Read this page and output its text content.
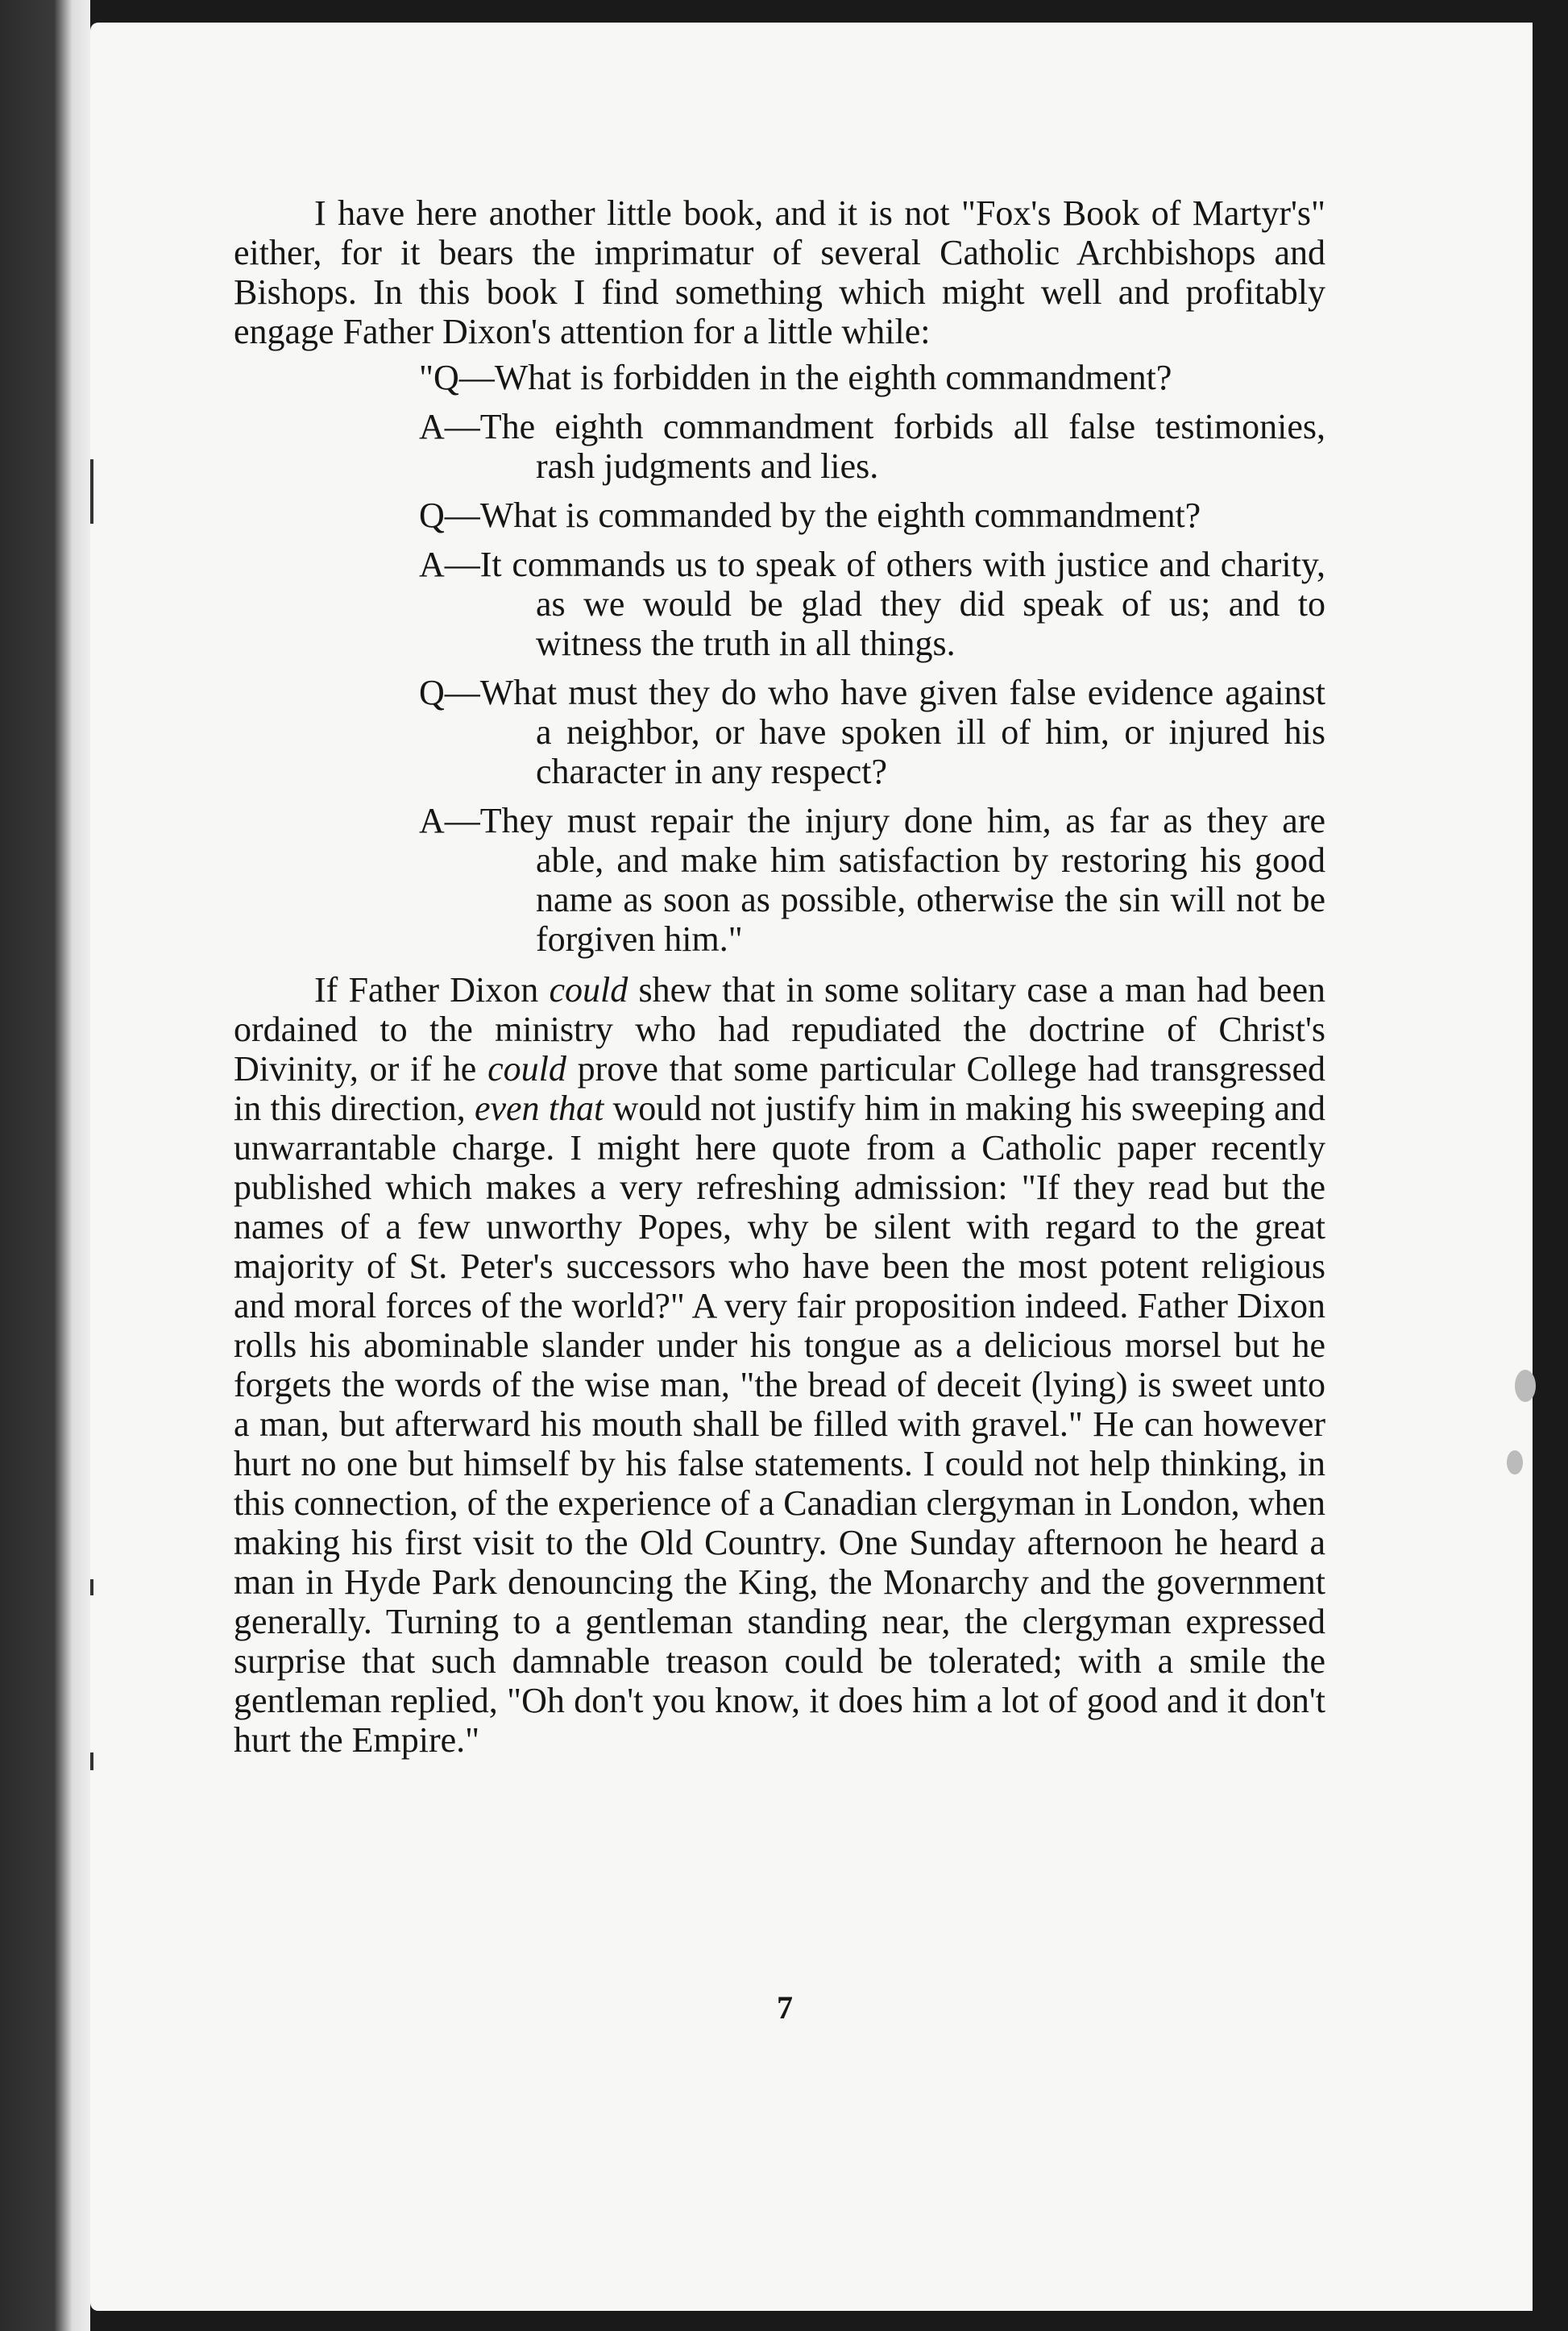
I have here another little book, and it is not "Fox's Book of Martyr's" either, for it bears the imprimatur of several Catholic Archbishops and Bishops. In this book I find something which might well and profitably engage Father Dixon's attention for a little while:

"Q—What is forbidden in the eighth commandment?

A—The eighth commandment forbids all false testimonies, rash judgments and lies.

Q—What is commanded by the eighth commandment?

A—It commands us to speak of others with justice and charity, as we would be glad they did speak of us; and to witness the truth in all things.

Q—What must they do who have given false evidence against a neighbor, or have spoken ill of him, or injured his character in any respect?

A—They must repair the injury done him, as far as they are able, and make him satisfaction by restoring his good name as soon as possible, otherwise the sin will not be forgiven him."

If Father Dixon could shew that in some solitary case a man had been ordained to the ministry who had repudiated the doctrine of Christ's Divinity, or if he could prove that some particular College had transgressed in this direction, even that would not justify him in making his sweeping and unwarrantable charge. I might here quote from a Catholic paper recently published which makes a very refreshing admission: "If they read but the names of a few unworthy Popes, why be silent with regard to the great majority of St. Peter's successors who have been the most potent religious and moral forces of the world?" A very fair proposition indeed. Father Dixon rolls his abominable slander under his tongue as a delicious morsel but he forgets the words of the wise man, "the bread of deceit (lying) is sweet unto a man, but afterward his mouth shall be filled with gravel." He can however hurt no one but himself by his false statements. I could not help thinking, in this connection, of the experience of a Canadian clergyman in London, when making his first visit to the Old Country. One Sunday afternoon he heard a man in Hyde Park denouncing the King, the Monarchy and the government generally. Turning to a gentleman standing near, the clergyman expressed surprise that such damnable treason could be tolerated; with a smile the gentleman replied, "Oh don't you know, it does him a lot of good and it don't hurt the Empire."

7
